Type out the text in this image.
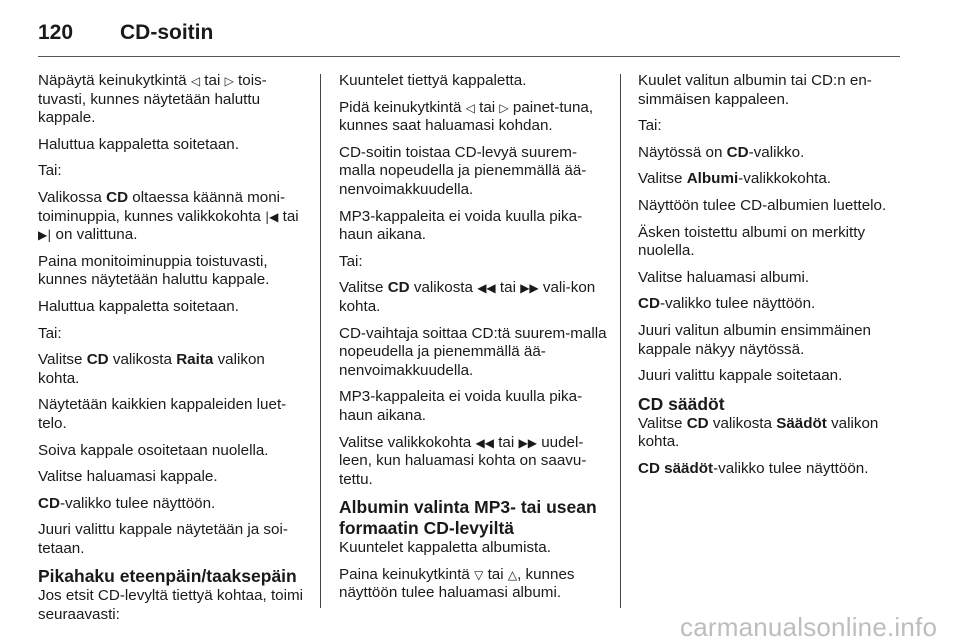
120	CD-soitin

Näpäytä keinukytkintä ◁ tai ▷ tois-tuvasti, kunnes näytetään haluttu kappale.

Haluttua kappaletta soitetaan.

Tai:

Valikossa CD oltaessa käännä moni-toiminuppia, kunnes valikkokohta |◀ tai ▶| on valittuna.

Paina monitoiminuppia toistuvasti, kunnes näytetään haluttu kappale.

Haluttua kappaletta soitetaan.

Tai:

Valitse CD valikosta Raita valikon kohta.

Näytetään kaikkien kappaleiden luet-telo.

Soiva kappale osoitetaan nuolella.

Valitse haluamasi kappale.

CD-valikko tulee näyttöön.

Juuri valittu kappale näytetään ja soi-tetaan.

Pikahaku eteenpäin/taaksepäin

Jos etsit CD-levyltä tiettyä kohtaa, toimi seuraavasti:

Kuuntelet tiettyä kappaletta.

Pidä keinukytkintä ◁ tai ▷ painet-tuna, kunnes saat haluamasi kohdan.

CD-soitin toistaa CD-levyä suurem-malla nopeudella ja pienemmällä ää-nenvoimakkuudella.

MP3-kappaleita ei voida kuulla pika-haun aikana.

Tai:

Valitse CD valikosta ◀◀ tai ▶▶ vali-kon kohta.

CD-vaihtaja soittaa CD:tä suurem-malla nopeudella ja pienemmällä ää-nenvoimakkuudella.

MP3-kappaleita ei voida kuulla pika-haun aikana.

Valitse valikkokohta ◀◀ tai ▶▶ uudel-leen, kun haluamasi kohta on saavu-tettu.

Albumin valinta MP3- tai usean formaatin CD-levyiltä

Kuuntelet kappaletta albumista.

Paina keinukytkintä ▽ tai △, kunnes näyttöön tulee haluamasi albumi.

Kuulet valitun albumin tai CD:n en-simmäisen kappaleen.

Tai:

Näytössä on CD-valikko.

Valitse Albumi-valikkokohta.

Näyttöön tulee CD-albumien luettelo.

Äsken toistettu albumi on merkitty nuolella.

Valitse haluamasi albumi.

CD-valikko tulee näyttöön.

Juuri valitun albumin ensimmäinen kappale näkyy näytössä.

Juuri valittu kappale soitetaan.

CD säädöt

Valitse CD valikosta Säädöt valikon kohta.

CD säädöt-valikko tulee näyttöön.

carmanualsonline.info
